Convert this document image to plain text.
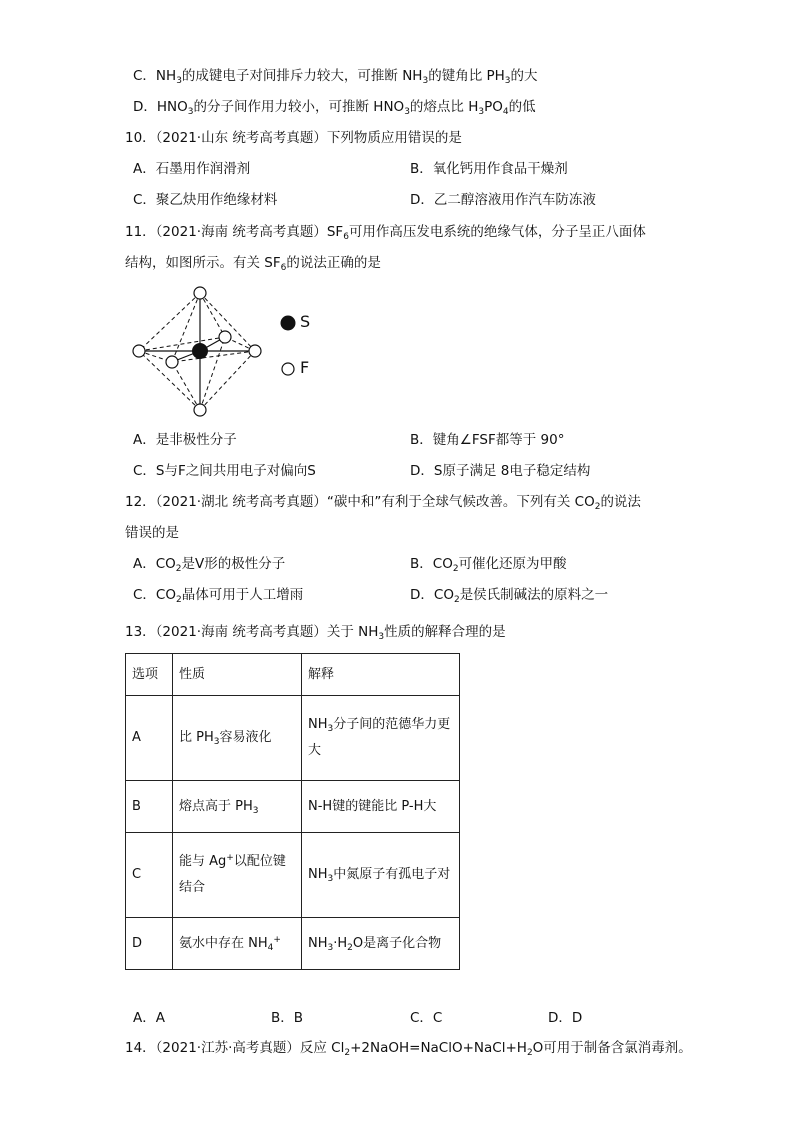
C．$NH_3$的成键电子对间排斥力较大，可推断 $NH_3$的键角比 $PH_3$的大
D．$HNO_3$的分子间作用力较小，可推断 $HNO_3$的熔点比 $H_3PO_4$的低
10．（2021·山东 统考高考真题）下列物质应用错误的是
A．石墨用作润滑剂	B．氧化钙用作食品干燥剂
C．聚乙炔用作绝缘材料	D．乙二醇溶液用作汽车防冻液
11．（2021·海南 统考高考真题）$SF_6$可用作高压发电系统的绝缘气体，分子呈正八面体
结构，如图所示。有关 $SF_6$的说法正确的是
S
F
A．是非极性分子	B．键角∠FSF都等于 90°
C．S与F之间共用电子对偏向S	D．S原子满足 8电子稳定结构
12．（2021·湖北 统考高考真题）“碳中和”有利于全球气候改善。下列有关 $CO_2$的说法
错误的是
A．$CO_2$是V形的极性分子	B．$CO_2$可催化还原为甲酸
C．$CO_2$晶体可用于人工增雨	D．$CO_2$是侯氏制碱法的原料之一
13．（2021·海南 统考高考真题）关于 $NH_3$性质的解释合理的是
选项	性质	解释
A	比 $PH_3$容易液化	$NH_3$分子间的范德华力更大
B	熔点高于 $PH_3$	N-H键的键能比 P-H大
C	能与 Ag+以配位键结合	$NH_3$中氮原子有孤电子对
D	氨水中存在 $NH_4^+$	$NH_3\cdot H_2O$是离子化合物
A．A	B．B	C．C	D．D
14．（2021·江苏·高考真题）反应 $Cl_2+2NaOH=NaClO+NaCl+H_2O$可用于制备含氯消毒剂。
